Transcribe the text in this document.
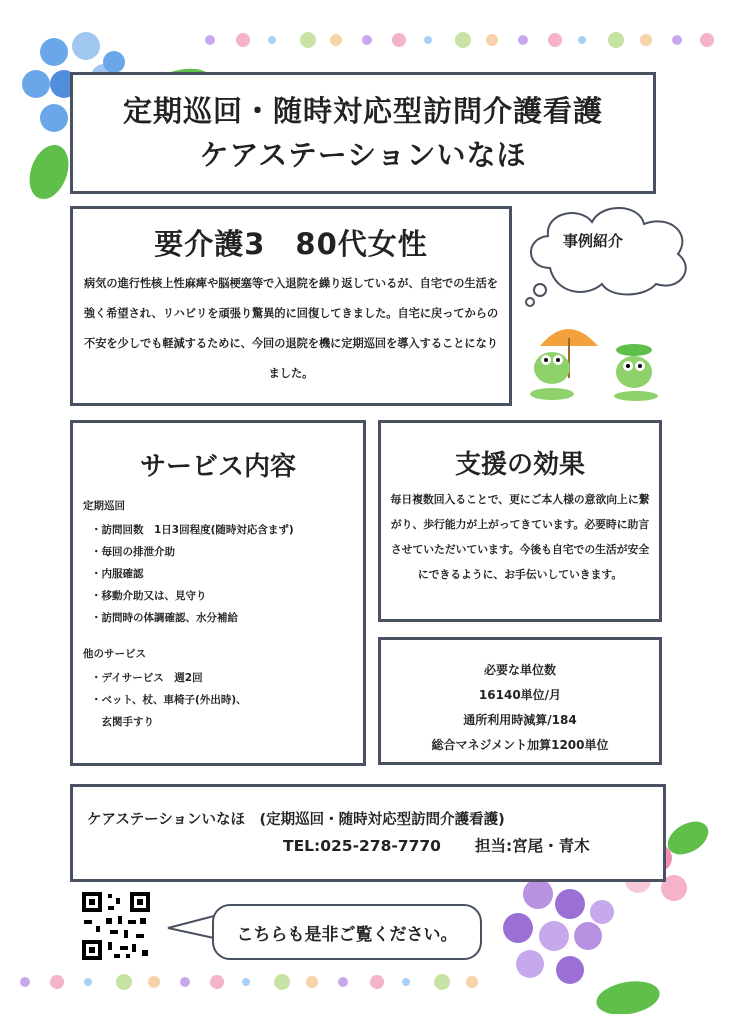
事例紹介
定期巡回・随時対応型訪問介護看護
ケアステーションいなほ
要介護3　80代女性
病気の進行性核上性麻痺や脳梗塞等で入退院を繰り返しているが、自宅での生活を強く希望され、リハビリを頑張り驚異的に回復してきました。自宅に戻ってからの不安を少しでも軽減するために、今回の退院を機に定期巡回を導入することになりました。
サービス内容
定期巡回
・訪問回数　1日3回程度(随時対応含まず)
・毎回の排泄介助
・内服確認
・移動介助又は、見守り
・訪問時の体調確認、水分補給
他のサービス
・デイサービス　週2回
・ベット、杖、車椅子(外出時)、
　玄関手すり
支援の効果
毎日複数回入ることで、更にご本人様の意欲向上に繋がり、歩行能力が上がってきています。必要時に助言させていただいています。今後も自宅での生活が安全にできるように、お手伝いしていきます。
必要な単位数
16140単位/月
通所利用時減算/184
総合マネジメント加算1200単位
ケアステーションいなほ　(定期巡回・随時対応型訪問介護看護)
TEL:025-278-7770 担当:宮尾・青木
こちらも是非ご覧ください。
